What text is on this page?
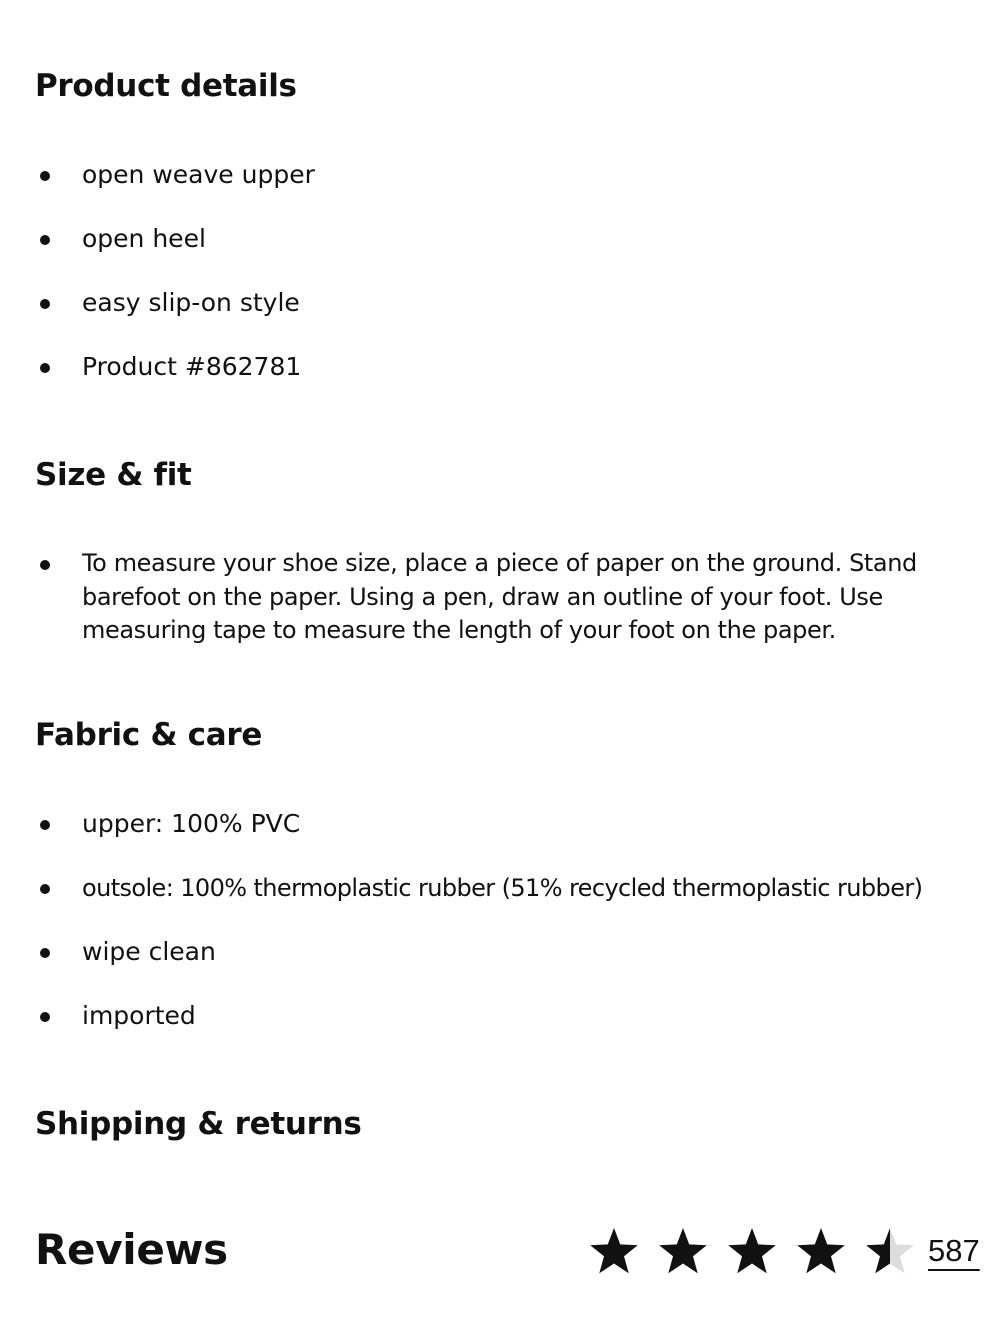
Product details
open weave upper
open heel
easy slip-on style
Product #862781
Size & fit
To measure your shoe size, place a piece of paper on the ground. Stand barefoot on the paper. Using a pen, draw an outline of your foot. Use measuring tape to measure the length of your foot on the paper.
Fabric & care
upper: 100% PVC
outsole: 100% thermoplastic rubber (51% recycled thermoplastic rubber)
wipe clean
imported
Shipping & returns
Reviews	587
